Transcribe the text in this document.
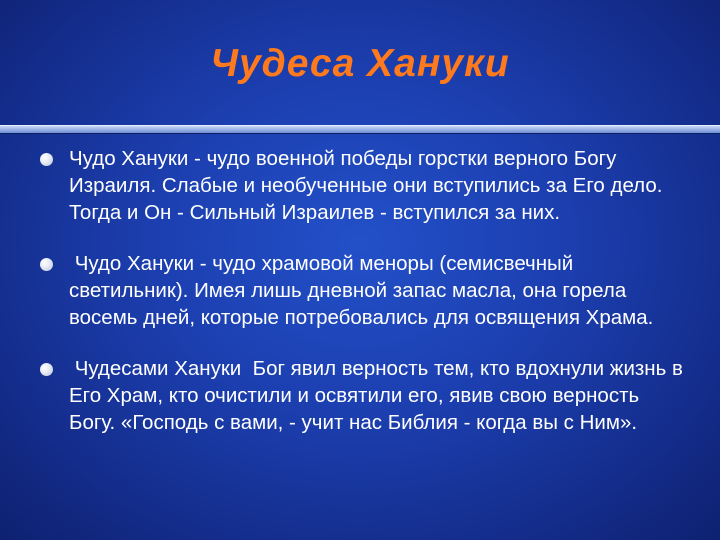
Чудеса Хануки
Чудо Хануки - чудо военной победы горстки верного Богу Израиля. Слабые и необученные они вступились за Его дело. Тогда и Он - Сильный Израилев - вступился за них.
Чудо Хануки - чудо храмовой меноры (семисвечный светильник). Имея лишь дневной запас масла, она горела восемь дней, которые потребовались для освящения Храма.
Чудесами Хануки  Бог явил верность тем, кто вдохнули жизнь в Его Храм, кто очистили и освятили его, явив свою верность Богу. «Господь с вами, - учит нас Библия - когда вы с Ним».
